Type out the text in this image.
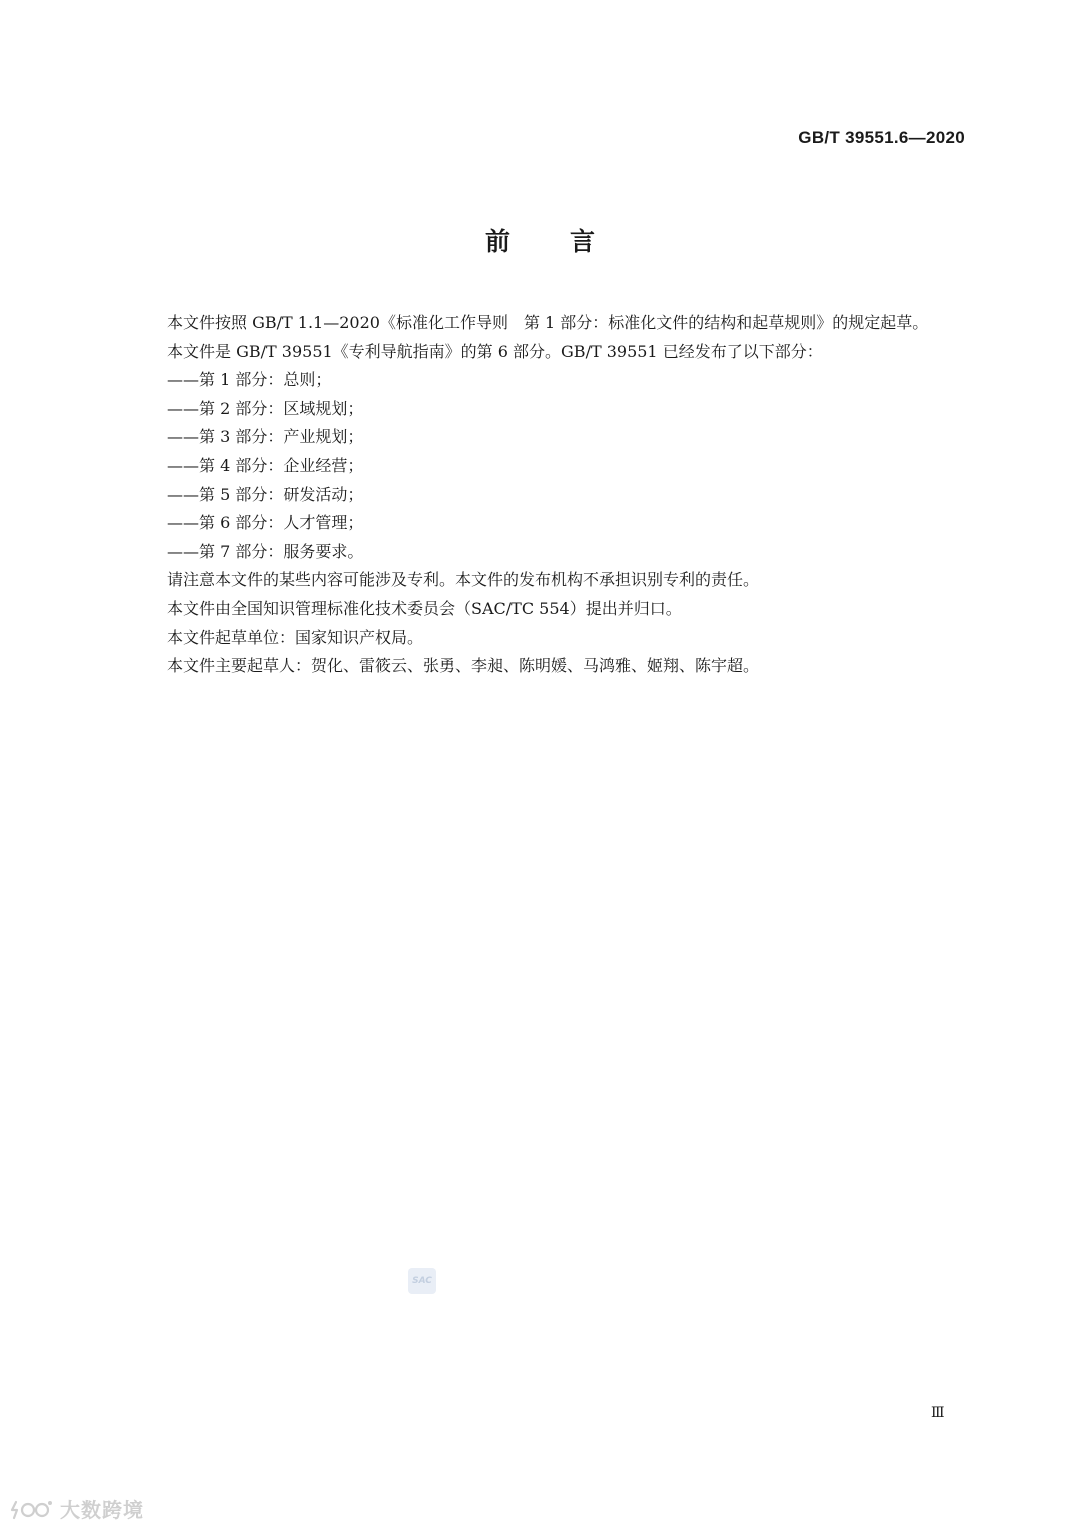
GB/T 39551.6—2020
前言

本文件按照 GB/T 1.1—2020《标准化工作导则　第 1 部分：标准化文件的结构和起草规则》的规定起草。

本文件是 GB/T 39551《专利导航指南》的第 6 部分。GB/T 39551 已经发布了以下部分：

——第 1 部分：总则；
——第 2 部分：区域规划；
——第 3 部分：产业规划；
——第 4 部分：企业经营；
——第 5 部分：研发活动；
——第 6 部分：人才管理；
——第 7 部分：服务要求。

请注意本文件的某些内容可能涉及专利。本文件的发布机构不承担识别专利的责任。

本文件由全国知识管理标准化技术委员会（SAC/TC 554）提出并归口。

本文件起草单位：国家知识产权局。

本文件主要起草人：贺化、雷筱云、张勇、李昶、陈明媛、马鸿雅、姬翔、陈宇超。

SAC
Ⅲ
大数跨境
